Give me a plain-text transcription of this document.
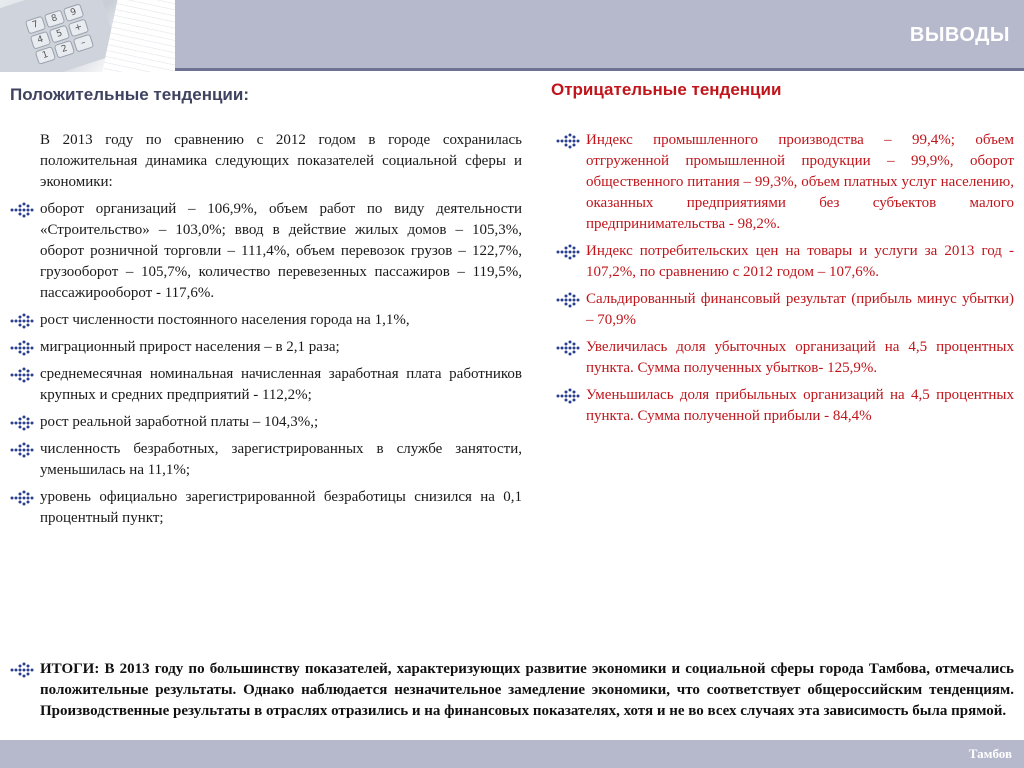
7
8
9
4
5
+
1
2
–	ВЫВОДЫ
Положительные тенденции:	Отрицательные тенденции
В 2013 году по сравнению с 2012 годом в городе сохранилась положительная динамика следующих показателей социальной сферы и экономики:
оборот организаций – 106,9%, объем работ по виду деятельности «Строительство» – 103,0%; ввод в действие жилых домов – 105,3%, оборот розничной торговли – 111,4%, объем перевозок грузов – 122,7%, грузооборот – 105,7%, количество перевезенных пассажиров – 119,5%, пассажирооборот - 117,6%.
рост численности постоянного населения города на 1,1%,
миграционный прирост населения – в 2,1 раза;
среднемесячная номинальная начисленная заработная плата работников крупных и средних предприятий - 112,2%;
рост реальной заработной платы – 104,3%,;
численность безработных, зарегистрированных в службе занятости, уменьшилась на 11,1%;
уровень официально зарегистрированной безработицы снизился на 0,1 процентный пункт;
Индекс промышленного производства – 99,4%; объем отгруженной промышленной продукции – 99,9%, оборот общественного питания – 99,3%, объем платных услуг населению, оказанных предприятиями без субъектов малого предпринимательства - 98,2%.
Индекс потребительских цен на товары и услуги за 2013 год - 107,2%, по сравнению с 2012 годом – 107,6%.
Сальдированный финансовый результат (прибыль минус убытки) – 70,9%
Увеличилась доля убыточных организаций на 4,5 процентных пункта. Сумма полученных убытков- 125,9%.
Уменьшилась доля прибыльных организаций на 4,5 процентных пункта. Сумма полученной прибыли - 84,4%
ИТОГИ: В 2013 году по большинству показателей, характеризующих развитие экономики и социальной сферы города Тамбова, отмечались положительные результаты. Однако наблюдается незначительное замедление экономики, что соответствует общероссийским тенденциям. Производственные результаты в отраслях отразились и на финансовых показателях, хотя и не во всех случаях эта зависимость была прямой.
Тамбов
